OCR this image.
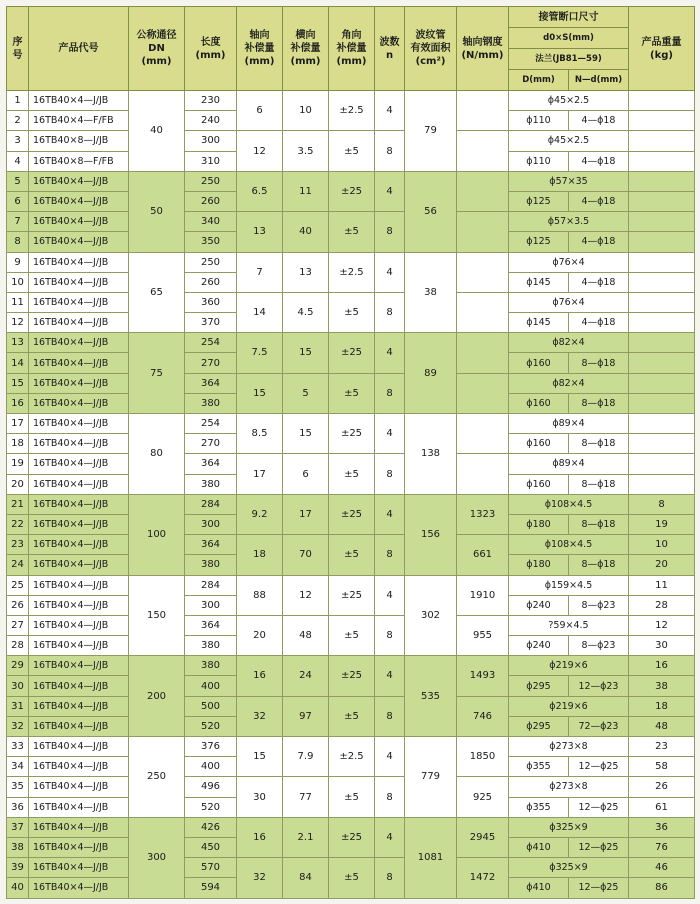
序
号	产品代号	公称通径
DN
(mm)	长度
(mm)	轴向
补偿量
(mm)	横向
补偿量
(mm)	角向
补偿量
(mm)	波数
n	波纹管
有效面积
(cm²)	轴向钢度
(N/mm)	接管断口尺寸		产品重量
(kg)
										d0×S(mm)		
										法兰(JB81—59)		
										D(mm)	N—d(mm)	
1	16TB40×4—J/JB	40	230	6	10	±2.5	4	79		ϕ45×2.5		
2	16TB40×4—F/FB		240							ϕ110	4—ϕ18	
3	16TB40×8—J/JB		300	12	3.5	±5	8			ϕ45×2.5		
4	16TB40×8—F/FB		310							ϕ110	4—ϕ18	
5	16TB40×4—J/JB	50	250	6.5	11	±25	4	56		ϕ57×35		
6	16TB40×4—J/JB		260							ϕ125	4—ϕ18	
7	16TB40×4—J/JB		340	13	40	±5	8			ϕ57×3.5		
8	16TB40×4—J/JB		350							ϕ125	4—ϕ18	
9	16TB40×4—J/JB	65	250	7	13	±2.5	4	38		ϕ76×4		
10	16TB40×4—J/JB		260							ϕ145	4—ϕ18	
11	16TB40×4—J/JB		360	14	4.5	±5	8			ϕ76×4		
12	16TB40×4—J/JB		370							ϕ145	4—ϕ18	
13	16TB40×4—J/JB	75	254	7.5	15	±25	4	89		ϕ82×4		
14	16TB40×4—J/JB		270							ϕ160	8—ϕ18	
15	16TB40×4—J/JB		364	15	5	±5	8			ϕ82×4		
16	16TB40×4—J/JB		380							ϕ160	8—ϕ18	
17	16TB40×4—J/JB	80	254	8.5	15	±25	4	138		ϕ89×4		
18	16TB40×4—J/JB		270							ϕ160	8—ϕ18	
19	16TB40×4—J/JB		364	17	6	±5	8			ϕ89×4		
20	16TB40×4—J/JB		380							ϕ160	8—ϕ18	
21	16TB40×4—J/JB	100	284	9.2	17	±25	4	156	1323	ϕ108×4.5		8
22	16TB40×4—J/JB		300							ϕ180	8—ϕ18	19
23	16TB40×4—J/JB		364	18	70	±5	8		661	ϕ108×4.5		10
24	16TB40×4—J/JB		380							ϕ180	8—ϕ18	20
25	16TB40×4—J/JB	150	284	88	12	±25	4	302	1910	ϕ159×4.5		11
26	16TB40×4—J/JB		300							ϕ240	8—ϕ23	28
27	16TB40×4—J/JB		364	20	48	±5	8		955	?59×4.5		12
28	16TB40×4—J/JB		380							ϕ240	8—ϕ23	30
29	16TB40×4—J/JB	200	380	16	24	±25	4	535	1493	ϕ219×6		16
30	16TB40×4—J/JB		400							ϕ295	12—ϕ23	38
31	16TB40×4—J/JB		500	32	97	±5	8		746	ϕ219×6		18
32	16TB40×4—J/JB		520							ϕ295	72—ϕ23	48
33	16TB40×4—J/JB	250	376	15	7.9	±2.5	4	779	1850	ϕ273×8		23
34	16TB40×4—J/JB		400							ϕ355	12—ϕ25	58
35	16TB40×4—J/JB		496	30	77	±5	8		925	ϕ273×8		26
36	16TB40×4—J/JB		520							ϕ355	12—ϕ25	61
37	16TB40×4—J/JB	300	426	16	2.1	±25	4	1081	2945	ϕ325×9		36
38	16TB40×4—J/JB		450							ϕ410	12—ϕ25	76
39	16TB40×4—J/JB		570	32	84	±5	8		1472	ϕ325×9		46
40	16TB40×4—J/JB		594							ϕ410	12—ϕ25	86
